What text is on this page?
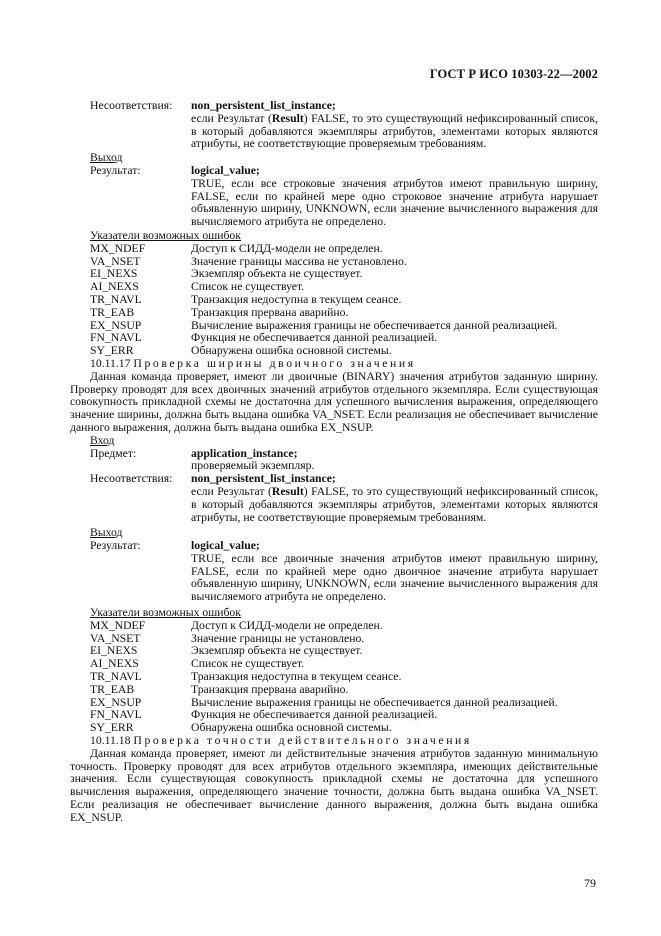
ГОСТ Р ИСО 10303-22—2002
Несоответствия: non_persistent_list_instance;
если Результат (Result) FALSE, то это существующий нефиксированный список, в который добавляются экземпляры атрибутов, элементами которых являются атрибуты, не соответствующие проверяемым требованиям.
Выход
Результат:	logical_value;
TRUE, если все строковые значения атрибутов имеют правильную ширину, FALSE, если по крайней мере одно строковое значение атрибута нарушает объявленную ширину, UNKNOWN, если значение вычисленного выражения для вычисляемого атрибута не определено.
Указатели возможных ошибок
MX_NDEF	Доступ к СИДД-модели не определен.
VA_NSET	Значение границы массива не установлено.
EI_NEXS	Экземпляр объекта не существует.
AI_NEXS	Список не существует.
TR_NAVL	Транзакция недоступна в текущем сеансе.
TR_EAB	Транзакция прервана аварийно.
EX_NSUP	Вычисление выражения границы не обеспечивается данной реализацией.
FN_NAVL	Функция не обеспечивается данной реализацией.
SY_ERR	Обнаружена ошибка основной системы.
10.11.17 Проверка ширины двоичного значения
Данная команда проверяет, имеют ли двоичные (BINARY) значения атрибутов заданную ширину. Проверку проводят для всех двоичных значений атрибутов отдельного экземпляра. Если существующая совокупность прикладной схемы не достаточна для успешного вычисления выражения, определяющего значение ширины, должна быть выдана ошибка VA_NSET. Если реализация не обеспечивает вычисление данного выражения, должна быть выдана ошибка EX_NSUP.
Вход
Предмет:	application_instance;
проверяемый экземпляр.
Несоответствия: non_persistent_list_instance;
если Результат (Result) FALSE, то это существующий нефиксированный список, в который добавляются экземпляры атрибутов, элементами которых являются атрибуты, не соответствующие проверяемым требованиям.
Выход
Результат:	logical_value;
TRUE, если все двоичные значения атрибутов имеют правильную ширину, FALSE, если по крайней мере одно двоичное значение атрибута нарушает объявленную ширину, UNKNOWN, если значение вычисленного выражения для вычисляемого атрибута не определено.
Указатели возможных ошибок
MX_NDEF	Доступ к СИДД-модели не определен.
VA_NSET	Значение границы не установлено.
EI_NEXS	Экземпляр объекта не существует.
AI_NEXS	Список не существует.
TR_NAVL	Транзакция недоступна в текущем сеансе.
TR_EAB	Транзакция прервана аварийно.
EX_NSUP	Вычисление выражения границы не обеспечивается данной реализацией.
FN_NAVL	Функция не обеспечивается данной реализацией.
SY_ERR	Обнаружена ошибка основной системы.
10.11.18 Проверка точности действительного значения
Данная команда проверяет, имеют ли действительные значения атрибутов заданную минимальную точность. Проверку проводят для всех атрибутов отдельного экземпляра, имеющих действительные значения. Если существующая совокупность прикладной схемы не достаточна для успешного вычисления выражения, определяющего значение точности, должна быть выдана ошибка VA_NSET. Если реализация не обеспечивает вычисление данного выражения, должна быть выдана ошибка EX_NSUP.
79
